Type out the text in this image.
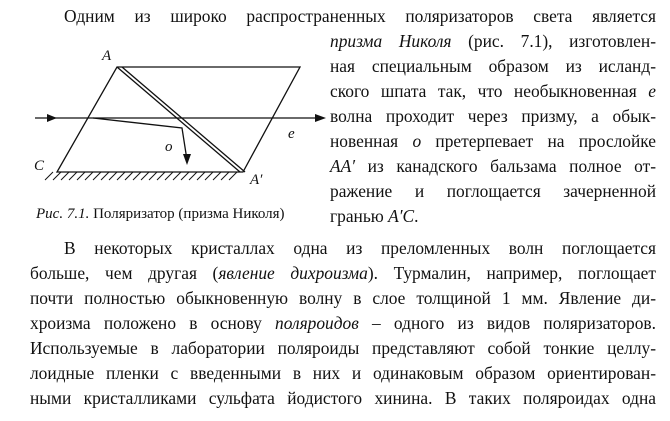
A
A′
C
o
e
Рис. 7.1. Поляризатор (призма Николя)
Одним из широко распространенных поляризаторов света является
призма Николя (рис. 7.1), изготовлен-
ная специальным образом из исланд-
ского шпата так, что необыкновенная e
волна проходит через призму, а обык-
новенная o претерпевает на прослойке
AA′ из канадского бальзама полное от-
ражение и поглощается зачерненной
гранью A′C.
В некоторых кристаллах одна из преломленных волн поглощается
больше, чем другая (явление дихроизма). Турмалин, например, поглощает
почти полностью обыкновенную волну в слое толщиной 1 мм. Явление ди-
хроизма положено в основу поляроидов – одного из видов поляризаторов.
Используемые в лаборатории поляроиды представляют собой тонкие целлу-
лоидные пленки с введенными в них и одинаковым образом ориентирован-
ными кристалликами сульфата йодистого хинина. В таких поляроидах одна
